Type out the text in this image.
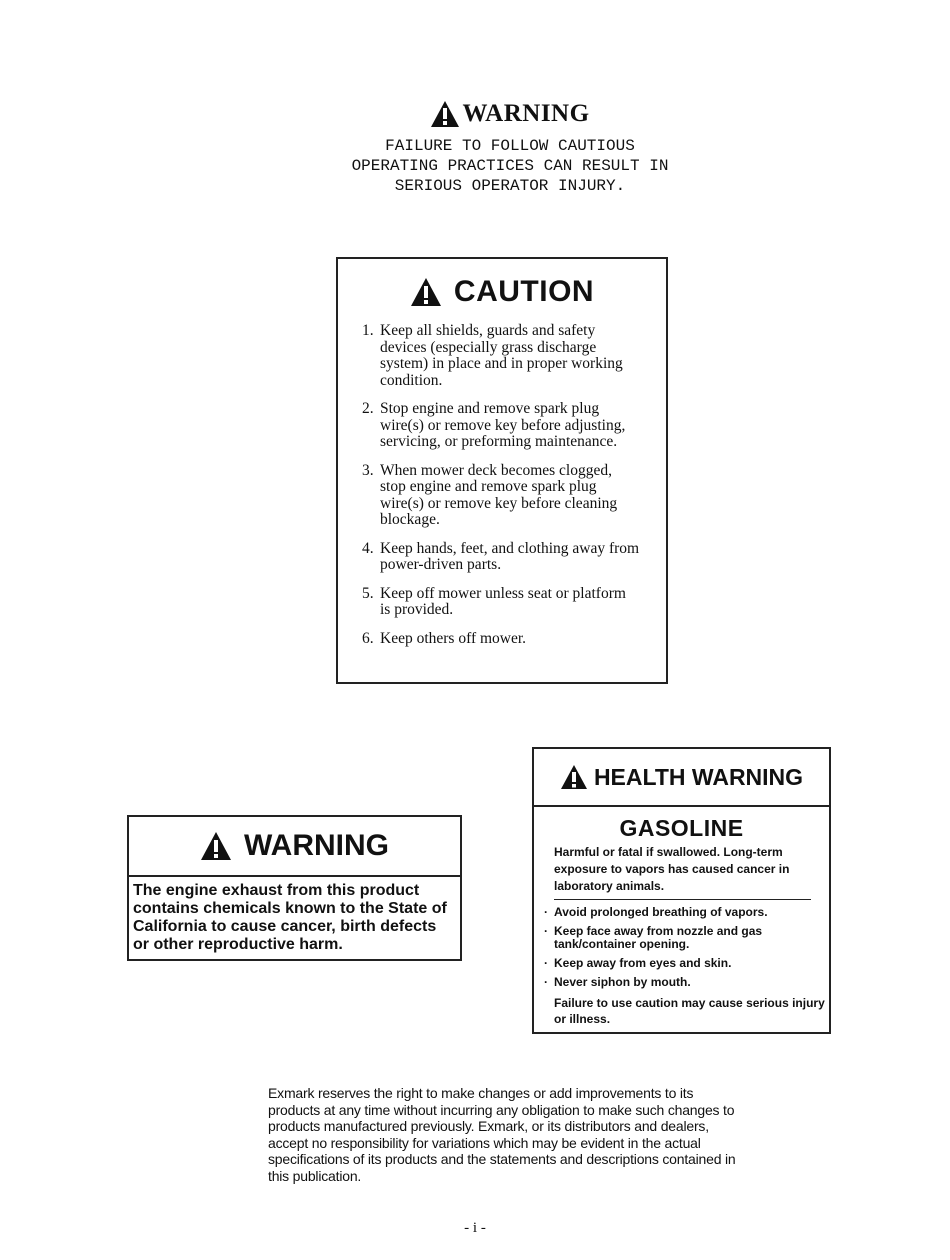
WARNING
FAILURE TO FOLLOW CAUTIOUS
OPERATING PRACTICES CAN RESULT IN
SERIOUS OPERATOR INJURY.
CAUTION
1. Keep all shields, guards and safety devices (especially grass discharge system) in place and in proper working condition.
2. Stop engine and remove spark plug wire(s) or remove key before adjusting, servicing, or preforming maintenance.
3. When mower deck becomes clogged, stop engine and remove spark plug wire(s) or remove key before cleaning blockage.
4. Keep hands, feet, and clothing away from power-driven parts.
5. Keep off mower unless seat or platform is provided.
6. Keep others off mower.
WARNING
The engine exhaust from this product contains chemicals known to the State of California to cause cancer, birth defects or other reproductive harm.
HEALTH WARNING
GASOLINE
Harmful or fatal if swallowed. Long-term exposure to vapors has caused cancer in laboratory animals.
· Avoid prolonged breathing of vapors.
· Keep face away from nozzle and gas tank/container opening.
· Keep away from eyes and skin.
· Never siphon by mouth.
Failure to use caution may cause serious injury or illness.
Exmark reserves the right to make changes or add improvements to its products at any time without incurring any obligation to make such changes to products manufactured previously. Exmark, or its distributors and dealers, accept no responsibility for variations which may be evident in the actual specifications of its products and the statements and descriptions contained in this publication.
- i -
